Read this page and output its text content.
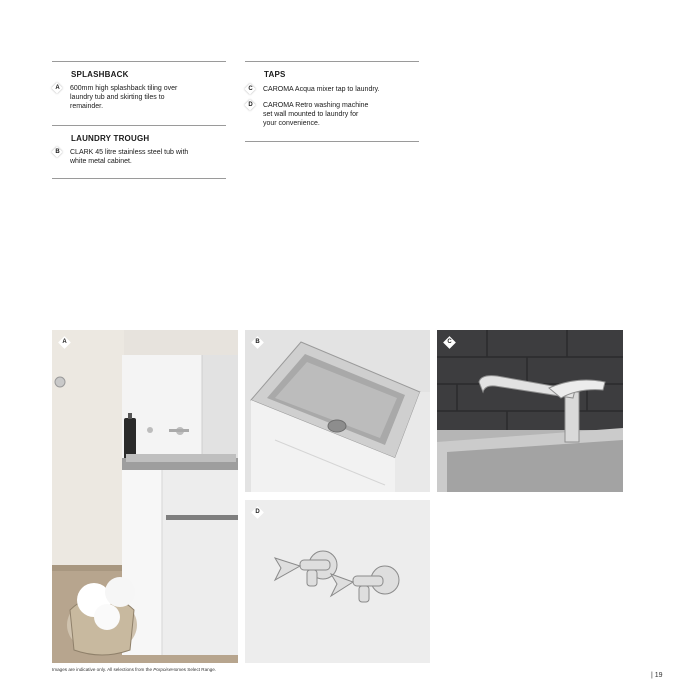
SPLASHBACK
A	600mm high splashback tiling over
laundry tub and skirting tiles to
remainder.
LAUNDRY TROUGH
B	CLARK 45 litre stainless steel tub with
white metal cabinet.
TAPS
C	CAROMA Acqua mixer tap to laundry.
D	CAROMA Retro washing machine
set wall mounted to laundry for
your convenience.
A	B	C
D
Images are indicative only. All selections from the PorpoiseHomes Select Range.
| 19
